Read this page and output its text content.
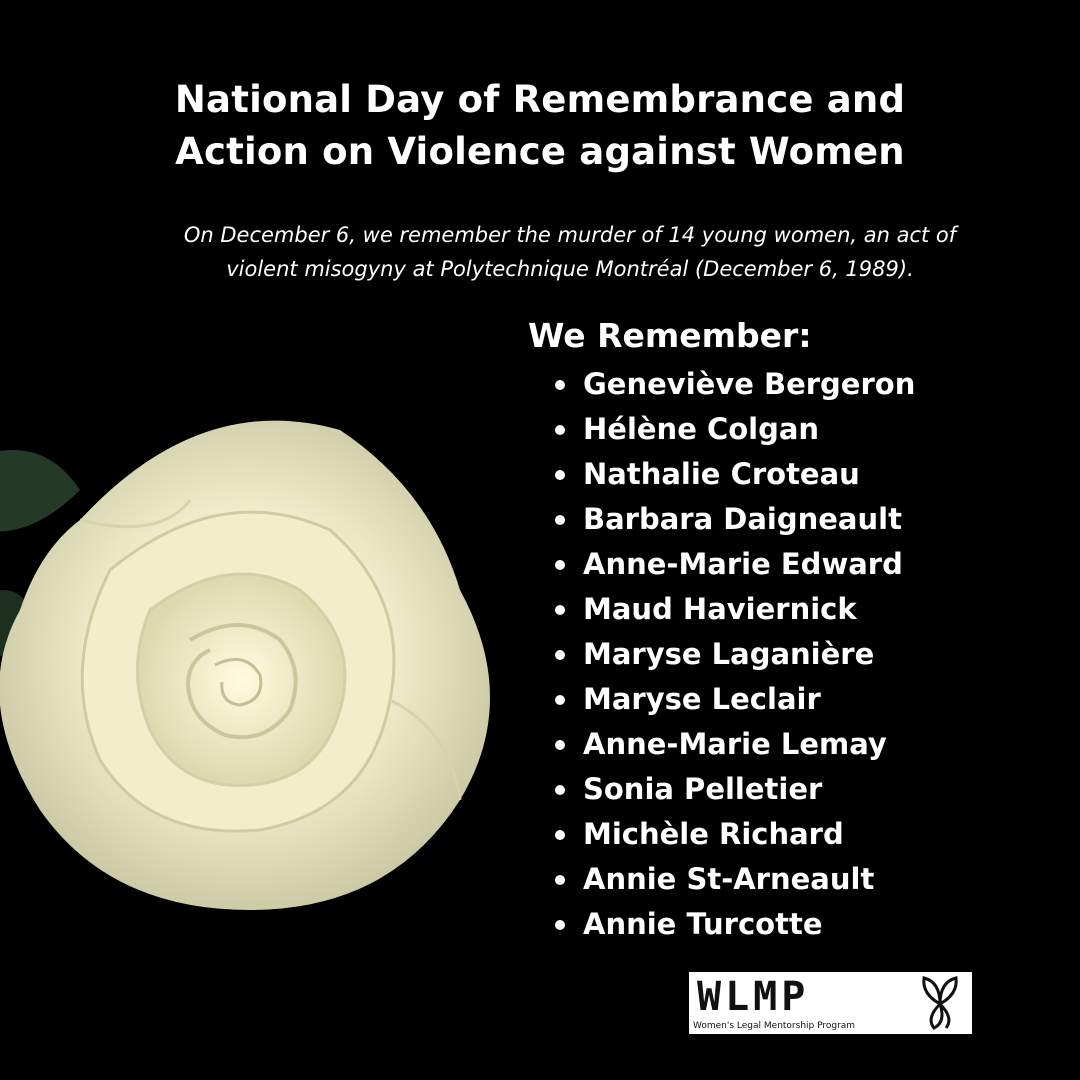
National Day of Remembrance and
Action on Violence against Women
On December 6, we remember the murder of 14 young women, an act of
violent misogyny at Polytechnique Montréal (December 6, 1989).
We Remember:
Geneviève Bergeron
Hélène Colgan
Nathalie Croteau
Barbara Daigneault
Anne-Marie Edward
Maud Haviernick
Maryse Laganière
Maryse Leclair
Anne-Marie Lemay
Sonia Pelletier
Michèle Richard
Annie St-Arneault
Annie Turcotte
WLMP
Women's Legal Mentorship Program
